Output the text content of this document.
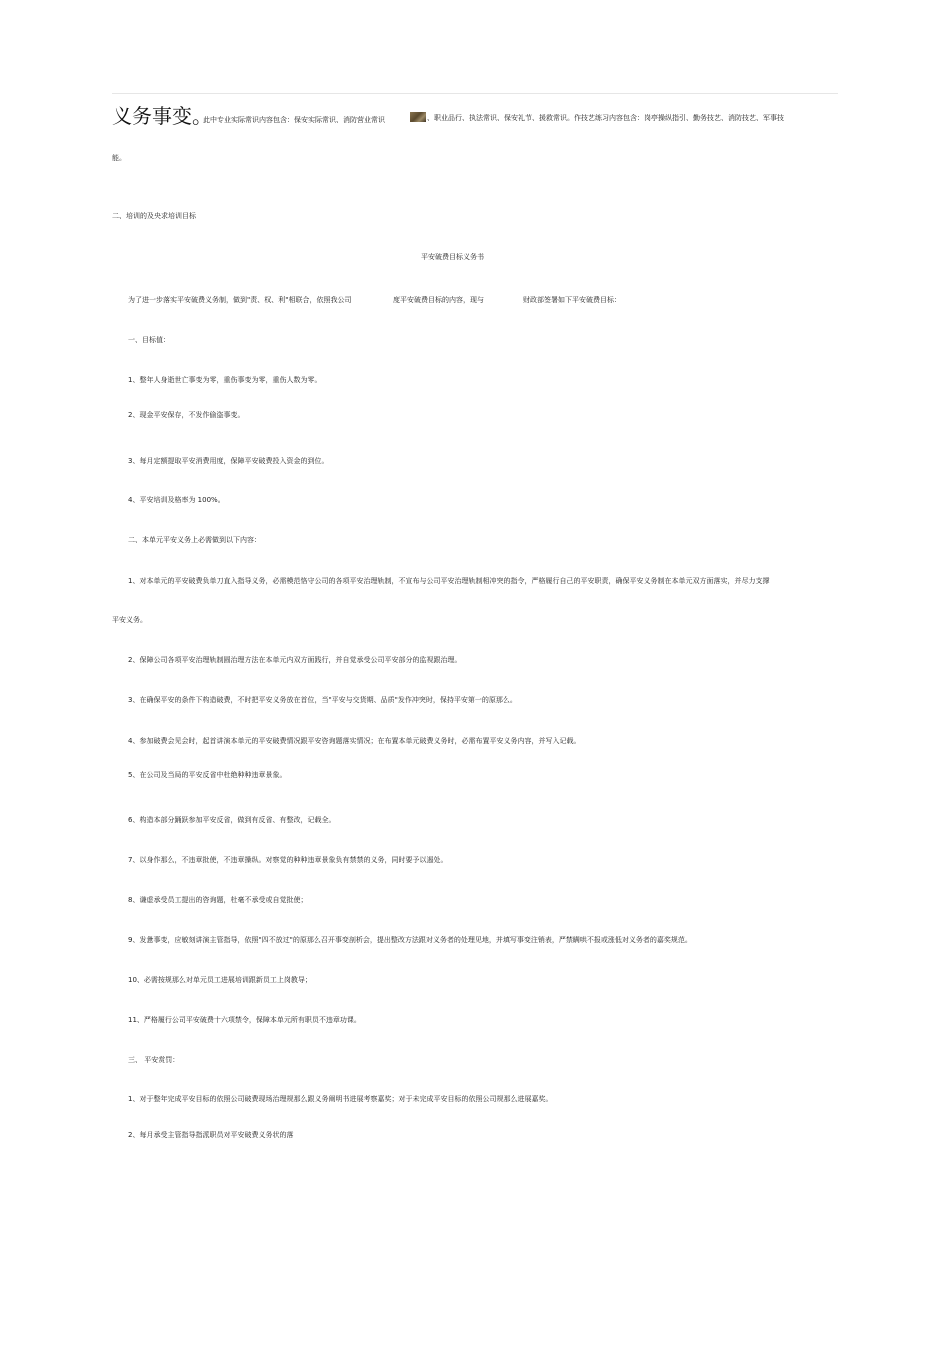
义务事变。
此中专业实际常识内容包含：保安实际常识、消防营业常识	、职业品行、执法常识、保安礼节、援救常识。作技艺练习内容包含：岗亭操纵指引、勤务技艺、消防技艺、军事技
能。
二、培训的及央求培训目标
平安破费目标义务书
为了进一步落实平安破费义务制，做到"责、权、利"相联合，依照我公司	度平安破费目标的内容，现与	财政部签署如下平安破费目标：
一、目标值：
1、整年人身逝世亡事变为零，重伤事变为零，重伤人数为零。
2、现金平安保存，不发作偷盗事变。
3、每月定额提取平安消费用度，保障平安破费投入资金的到位。
4、平安培训及格率为 100%。
二、本单元平安义务上必需做到以下内容：
1、对本单元的平安破费负单刀直入指导义务，必需模范恪守公司的各项平安治理轨制，不宣布与公司平安治理轨制相冲突的指令，严格履行自己的平安职责，确保平安义务制在本单元双方面落实，并尽力支撑
平安义务。
2、保障公司各项平安治理轨制圆治理方法在本单元内双方面践行，并自觉承受公司平安部分的监视跟治理。
3、在确保平安的条件下构造破费，不时把平安义务放在首位，当"平安与交货期、品质"发作冲突时，保持平安第一的原那么。
4、参加破费会见会时，起首讲演本单元的平安破费情况跟平安咨询题落实情况；在布置本单元破费义务时，必需布置平安义务内容，并写入记载。
5、在公司及当局的平安反省中杜绝种种违章景象。
6、构造本部分踊跃参加平安反省，做到有反省、有整改，记载全。
7、以身作那么，不违章批使，不违章操纵。对察觉的种种违章景象负有禁禁的义务，同时要予以遏处。
8、谦虚承受员工提出的咨询题，杜毫不承受或自觉批使；
9、发惫事变，应敏刻讲演主管指导，依照"四不放过"的原那么召开事变剖析会，提出整改方法跟对义务者的处理见地，并填写事变注销表，严禁瞒哄不报或涨低对义务者的嘉奖规范。
10、必需按规那么对单元员工进展培训跟新员工上岗教导；
11、严格履行公司平安破费十六项禁令，保障本单元所有职员不违章功课。
三、 平安赏罚：
1、对于整年完成平安目标的依照公司破费现场治理规那么跟义务阐明书进展考察嘉奖；对于未完成平安目标的依照公司规那么进展嘉奖。
2、每月承受主管指导指派职员对平安破费义务状的落
